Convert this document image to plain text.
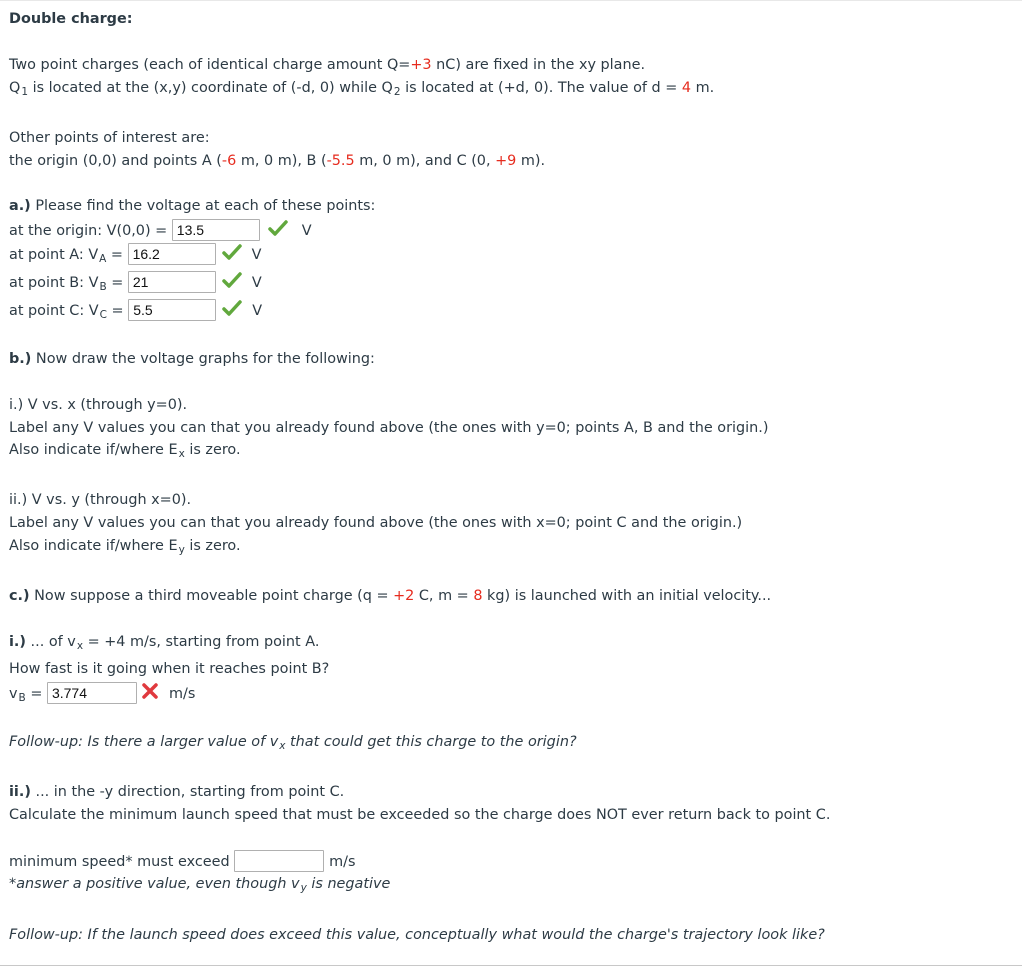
Double charge:
Two point charges (each of identical charge amount Q=+3 nC) are fixed in the xy plane.
$Q_1$ is located at the (x,y) coordinate of (-d, 0) while $Q_2$ is located at (+d, 0). The value of d = 4 m.
Other points of interest are:
the origin (0,0) and points A (-6 m, 0 m), B (-5.5 m, 0 m), and C (0, +9 m).
a.) Please find the voltage at each of these points:
at the origin: V(0,0) = 13.5	V
at point A: $V_A = 16.2$	V
at point B: $V_B = 21$	V
at point C: $V_C = 5.5$	V
b.) Now draw the voltage graphs for the following:
i.) V vs. x (through y=0).
Label any V values you can that you already found above (the ones with y=0; points A, B and the origin.)
Also indicate if/where $E_x$ is zero.
ii.) V vs. y (through x=0).
Label any V values you can that you already found above (the ones with x=0; point C and the origin.)
Also indicate if/where $E_y$ is zero.
c.) Now suppose a third moveable point charge (q = +2 C, m = 8 kg) is launched with an initial velocity...
i.) ... of $v_x = +4$ m/s, starting from point A.
How fast is it going when it reaches point B?
$v_B = 3.774$	m/s
Follow-up: Is there a larger value of $v_x$ that could get this charge to the origin?
ii.) ... in the -y direction, starting from point C.
Calculate the minimum launch speed that must be exceeded so the charge does NOT ever return back to point C.
minimum speed* must exceed	m/s
*answer a positive value, even though $v_y$ is negative
Follow-up: If the launch speed does exceed this value, conceptually what would the charge's trajectory look like?
